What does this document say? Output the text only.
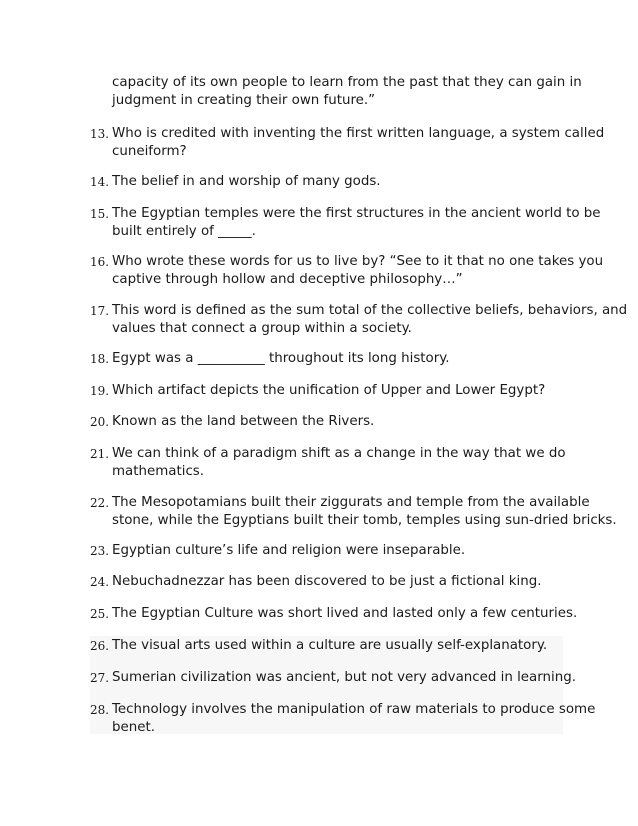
capacity of its own people to learn from the past that they can gain in
judgment in creating their own future.”
13. Who is credited with inventing the first written language, a system called
cuneiform?
14. The belief in and worship of many gods.
15. The Egyptian temples were the first structures in the ancient world to be
built entirely of _____.
16. Who wrote these words for us to live by? “See to it that no one takes you
captive through hollow and deceptive philosophy…”
17. This word is defined as the sum total of the collective beliefs, behaviors, and
values that connect a group within a society.
18. Egypt was a __________ throughout its long history.
19. Which artifact depicts the unification of Upper and Lower Egypt?
20. Known as the land between the Rivers.
21. We can think of a paradigm shift as a change in the way that we do
mathematics.
22. The Mesopotamians built their ziggurats and temple from the available
stone, while the Egyptians built their tomb, temples using sun-dried bricks.
23. Egyptian culture’s life and religion were inseparable.
24. Nebuchadnezzar has been discovered to be just a fictional king.
25. The Egyptian Culture was short lived and lasted only a few centuries.
26. The visual arts used within a culture are usually self-explanatory.
27. Sumerian civilization was ancient, but not very advanced in learning.
28. Technology involves the manipulation of raw materials to produce some
benet.
